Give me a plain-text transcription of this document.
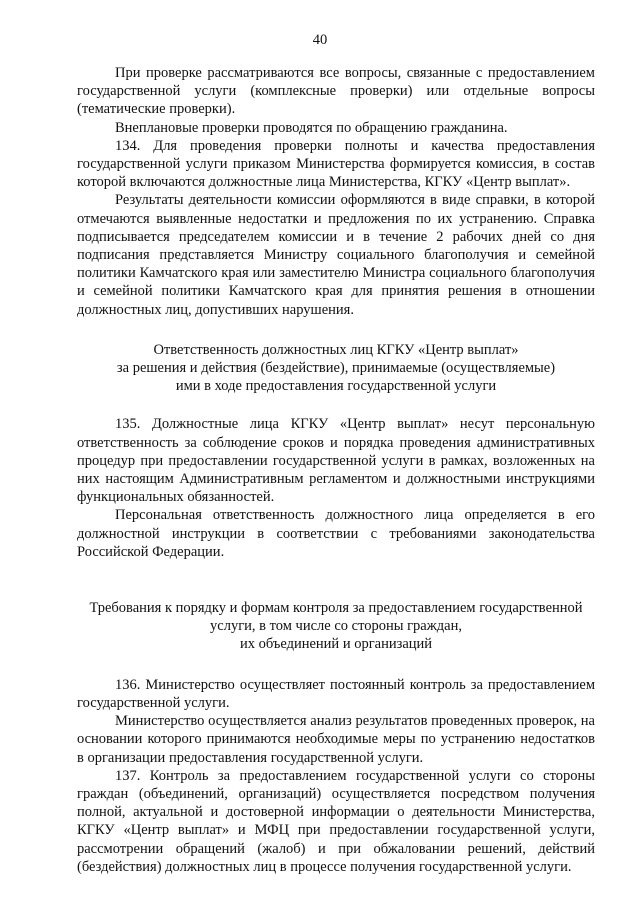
40

При проверке рассматриваются все вопросы, связанные с предоставлением государственной услуги (комплексные проверки) или отдельные вопросы (тематические проверки).

Внеплановые проверки проводятся по обращению гражданина.

134. Для проведения проверки полноты и качества предоставления государственной услуги приказом Министерства формируется комиссия, в состав которой включаются должностные лица Министерства, КГКУ «Центр выплат».

Результаты деятельности комиссии оформляются в виде справки, в которой отмечаются выявленные недостатки и предложения по их устранению. Справка подписывается председателем комиссии и в течение 2 рабочих дней со дня подписания представляется Министру социального благополучия и семейной политики Камчатского края или заместителю Министра социального благополучия и семейной политики Камчатского края для принятия решения в отношении должностных лиц, допустивших нарушения.

Ответственность должностных лиц КГКУ «Центр выплат»

за решения и действия (бездействие), принимаемые (осуществляемые)

ими в ходе предоставления государственной услуги

135. Должностные лица КГКУ «Центр выплат» несут персональную ответственность за соблюдение сроков и порядка проведения административных процедур при предоставлении государственной услуги в рамках, возложенных на них настоящим Административным регламентом и должностными инструкциями функциональных обязанностей.

Персональная ответственность должностного лица определяется в его должностной инструкции в соответствии с требованиями законодательства Российской Федерации.

Требования к порядку и формам контроля за предоставлением государственной

услуги, в том числе со стороны граждан,

их объединений и организаций

136. Министерство осуществляет постоянный контроль за предоставлением государственной услуги.

Министерство осуществляется анализ результатов проведенных проверок, на основании которого принимаются необходимые меры по устранению недостатков в организации предоставления государственной услуги.

137. Контроль за предоставлением государственной услуги со стороны граждан (объединений, организаций) осуществляется посредством получения полной, актуальной и достоверной информации о деятельности Министерства, КГКУ «Центр выплат» и МФЦ при предоставлении государственной услуги, рассмотрении обращений (жалоб) и при обжаловании решений, действий (бездействия) должностных лиц в процессе получения государственной услуги.
